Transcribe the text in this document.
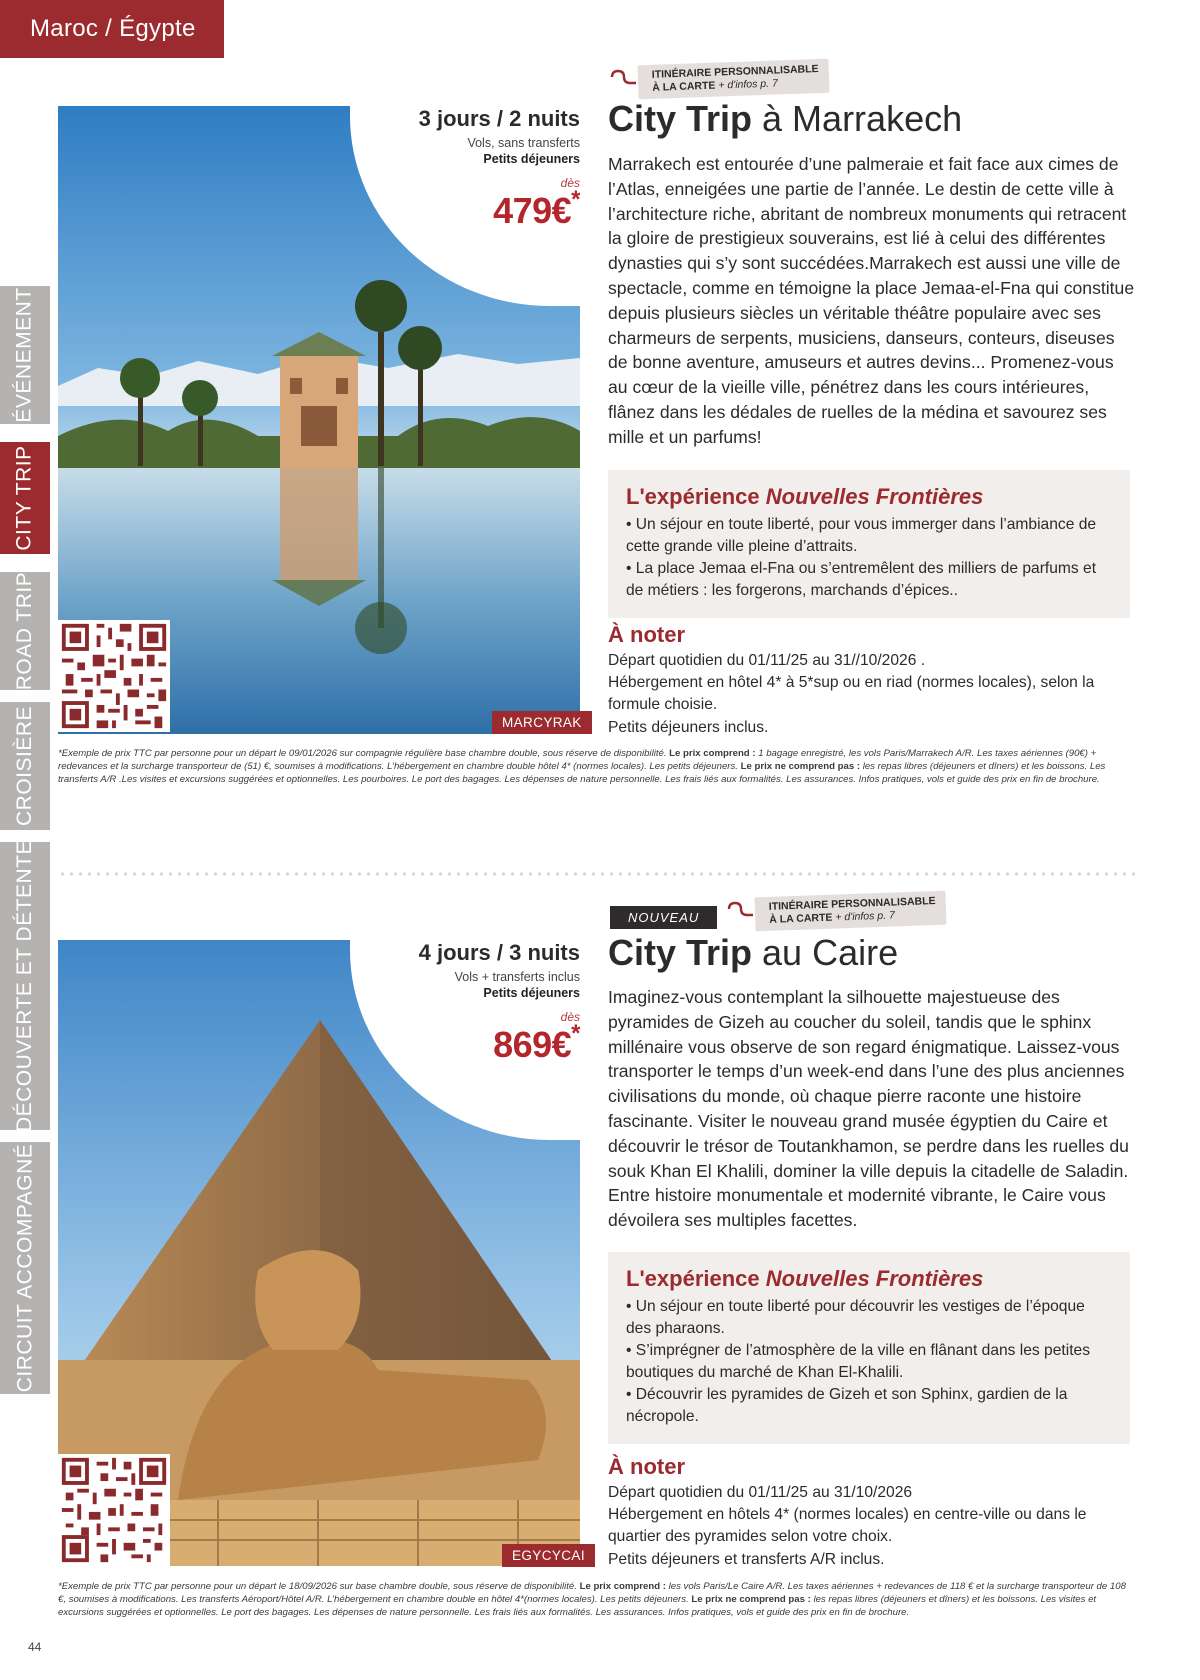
Maroc / Égypte
ÉVÉNEMENT
CITY TRIP
ROAD TRIP
CROISIÈRE
DÉCOUVERTE ET DÉTENTE
CIRCUIT ACCOMPAGNÉ
3 jours / 2 nuits
Vols, sans transferts
Petits déjeuners
dès
479€*
MARCYRAK
ITINÉRAIRE PERSONNALISABLE
À LA CARTE + d'infos p. 7
City Trip à Marrakech
Marrakech est entourée d’une palmeraie et fait face aux cimes de l’Atlas, enneigées une partie de l’année. Le destin de cette ville à l’architecture riche, abritant de nombreux monuments qui retracent la gloire de prestigieux souverains, est lié à celui des différentes dynasties qui s’y sont succédées.Marrakech est aussi une ville de spectacle, comme en témoigne la place Jemaa-el-Fna qui constitue depuis plusieurs siècles un véritable théâtre populaire avec ses charmeurs de serpents, musiciens, danseurs, conteurs, diseuses de bonne aventure, amuseurs et autres devins... Promenez-vous au cœur de la vieille ville, pénétrez dans les cours intérieures, flânez dans les dédales de ruelles de la médina et savourez ses mille et un parfums!
L'expérience Nouvelles Frontières
• Un séjour en toute liberté, pour vous immerger dans l’ambiance de cette grande ville pleine d’attraits.
• La place Jemaa el-Fna ou s’entremêlent des milliers de parfums et de métiers : les forgerons, marchands d’épices..
À noter
Départ quotidien du 01/11/25 au 31//10/2026 .
Hébergement en hôtel 4* à 5*sup ou en riad (normes locales), selon la formule choisie.
Petits déjeuners inclus.
*Exemple de prix TTC par personne pour un départ le 09/01/2026 sur compagnie régulière base chambre double, sous réserve de disponibilité. Le prix comprend : 1 bagage enregistré, les vols Paris/Marrakech A/R. Les taxes aériennes (90€) + redevances et la surcharge transporteur de (51) €, soumises à modifications. L’hébergement en chambre double hôtel 4* (normes locales). Les petits déjeuners. Le prix ne comprend pas : les repas libres (déjeuners et dîners) et les boissons. Les transferts A/R .Les visites et excursions suggérées et optionnelles. Les pourboires. Le port des bagages. Les dépenses de nature personnelle. Les frais liés aux formalités. Les assurances. Infos pratiques, vols et guide des prix en fin de brochure.
4 jours / 3 nuits
Vols + transferts inclus
Petits déjeuners
dès
869€*
EGYCYCAI
NOUVEAU
ITINÉRAIRE PERSONNALISABLE
À LA CARTE + d'infos p. 7
City Trip au Caire
Imaginez-vous contemplant la silhouette majestueuse des pyramides de Gizeh au coucher du soleil, tandis que le sphinx millénaire vous observe de son regard énigmatique. Laissez-vous transporter le temps d’un week-end dans l’une des plus anciennes civilisations du monde, où chaque pierre raconte une histoire fascinante. Visiter le nouveau grand musée égyptien du Caire et découvrir le trésor de Toutankhamon, se perdre dans les ruelles du souk Khan El Khalili, dominer la ville depuis la citadelle de Saladin. Entre histoire monumentale et modernité vibrante, le Caire vous dévoilera ses multiples facettes.
L'expérience Nouvelles Frontières
• Un séjour en toute liberté pour découvrir les vestiges de l’époque des pharaons.
• S’imprégner de l’atmosphère de la ville en flânant dans les petites boutiques du marché de Khan El-Khalili.
• Découvrir les pyramides de Gizeh et son Sphinx, gardien de la nécropole.
À noter
Départ quotidien du 01/11/25 au 31/10/2026
Hébergement en hôtels 4* (normes locales) en centre-ville ou dans le quartier des pyramides selon votre choix.
Petits déjeuners et transferts A/R inclus.
*Exemple de prix TTC par personne pour un départ le 18/09/2026 sur base chambre double, sous réserve de disponibilité. Le prix comprend : les vols Paris/Le Caire A/R. Les taxes aériennes + redevances de 118 € et la surcharge transporteur de 108 €, soumises à modifications. Les transferts Aéroport/Hôtel A/R. L’hébergement en chambre double en hôtel 4*(normes locales). Les petits déjeuners. Le prix ne comprend pas : les repas libres (déjeuners et dîners) et les boissons. Les visites et excursions suggérées et optionnelles. Le port des bagages. Les dépenses de nature personnelle. Les frais liés aux formalités. Les assurances. Infos pratiques, vols et guide des prix en fin de brochure.
44
